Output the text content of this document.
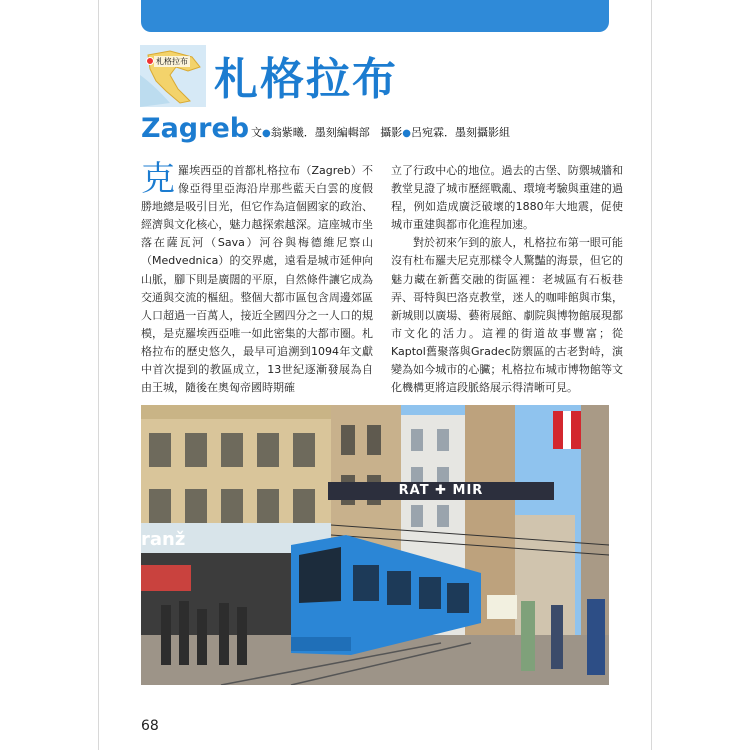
札格拉布 札格拉布
Zagreb 文●翁紫曦．墨刻編輯部 攝影●呂宛霖．墨刻攝影組

克羅埃西亞的首都札格拉布（Zagreb）不像亞得里亞海沿岸那些藍天白雲的度假勝地總是吸引目光，但它作為這個國家的政治、經濟與文化核心，魅力越探索越深。這座城市坐落在薩瓦河（Sava）河谷與梅德維尼察山（Medvednica）的交界處，遠看是城市延伸向山脈，腳下則是廣闊的平原，自然條件讓它成為交通與交流的樞紐。整個大都市區包含周邊郊區人口超過一百萬人，接近全國四分之一人口的規模，是克羅埃西亞唯一如此密集的大都市圈。札格拉布的歷史悠久，最早可追溯到1094年文獻中首次提到的教區成立，13世紀逐漸發展為自由王城，隨後在奧匈帝國時期確

立了行政中心的地位。過去的古堡、防禦城牆和教堂見證了城市歷經戰亂、環境考驗與重建的過程，例如造成廣泛破壞的1880年大地震，促使城市重建與都市化進程加速。

對於初來乍到的旅人，札格拉布第一眼可能沒有杜布羅夫尼克那樣令人驚豔的海景，但它的魅力藏在新舊交融的街區裡：老城區有石板巷弄、哥特與巴洛克教堂，迷人的咖啡館與市集，新城則以廣場、藝術展館、劇院與博物館展現都市文化的活力。這裡的街道故事豐富；從Kaptol舊聚落與Gradec防禦區的古老對峙，演變為如今城市的心臟；札格拉布城市博物館等文化機構更將這段脈絡展示得清晰可見。

RAT ✚ MIR
ranž
68
